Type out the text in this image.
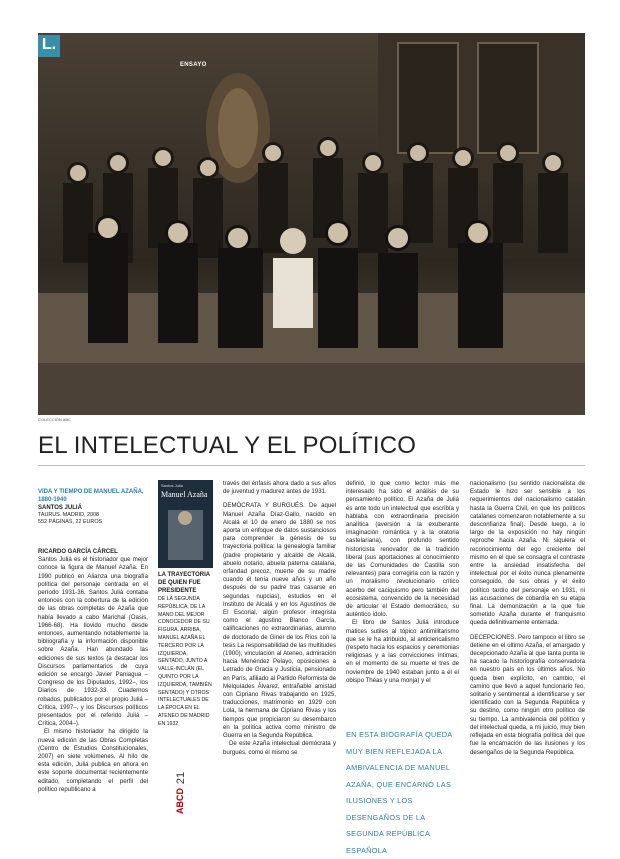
L.
ENSAYO
COLECCIÓN ABC
EL INTELECTUAL Y EL POLÍTICO
VIDA Y TIEMPO DE MANUEL AZAÑA,
1880-1940
SANTOS JULIÁ
TAURUS. MADRID, 2008
552 PÁGINAS, 22 EUROS
RICARDO GARCÍA CÁRCEL

Santos Juliá es el historiador que mejor conoce la figura de Manuel Azaña. En 1990 publicó en Alianza una biografía política del personaje centrada en el período 1931-36. Santos Juliá contaba entonces con la cobertura de la edición de las obras completas de Azaña que había llevado a cabo Marichal (Oasis, 1966-68). Ha llovido mucho desde entonces, aumentando notablemente la bibliografía y la información disponible sobre Azaña. Han abundado las ediciones de sus textos (a destacar los Discursos parlamentarios de cuya edición se encargó Javier Paniagua –Congreso de los Diputados, 1992–, los Diarios de 1932-33. Cuadernos robados, publicados por el propio Juliá –Crítica, 1997–, y los Discursos políticos presentados por el referido Juliá –Crítica, 2004–).

El mismo historiador ha dirigido la nueva edición de las Obras Completas (Centro de Estudios Constitucionales, 2007) en siete volúmenes. Al hilo de esta edición, Juliá publica en ahora en este soporte documental recientemente editado, completando el perfil del político republicano a

Santos Juliá
Manuel Azaña
LA TRAYECTORIA DE QUIEN FUE PRESIDENTE
DE LA SEGUNDA REPÚBLICA, DE LA MANO DEL MEJOR CONOCEDOR DE SU FIGURA. ARRIBA, MANUEL AZAÑA EL TERCERO POR LA IZQUIERDA, SENTADO, JUNTO A VALLE-INCLÁN (EL QUINTO POR LA IZQUIERDA, TAMBIÉN SENTADO) Y OTROS INTELECTUALES DE LA ÉPOCA EN EL ATENEO DE MADRID EN 1932
ABCD
21

través del énfasis ahora dado a sus años de juventud y madurez antes de 1931.

DEMÓCRATA Y BURGUÉS. De aquel Manuel Azaña Díaz-Gallo, nacido en Alcalá el 10 de enero de 1880 se nos aporta un enfoque de datos sustanciosos para comprender la génesis de su trayectoria política: la genealogía familiar (padre propietario y alcalde de Alcalá, abuelo notario, abuela paterna catalana, orfandad precoz, muerte de su madre cuando él tenía nueve años y un año después de su padre tras casarse en segundas nupcias), estudios en el Instituto de Alcalá y en los Agustinos de El Escorial, algún profesor integrista como el agustino Blanco García, calificaciones no extraordinarias, alumno de doctorado de Giner de los Ríos con la tesis La responsabilidad de las multitudes (1900), vinculación al Ateneo, admiración hacia Menéndez Pelayo, oposiciones a Letrado de Gracia y Justicia, pensionado en París, afiliado al Partido Reformista de Melquíades Álvarez, entrañable amistad con Cipriano Rivas trabajando en 1925, traducciones, matrimonio en 1929 con Lola, la hermana de Cipriano Rivas y los tiempos que propiciaron su desembarco en la política activa como ministro de Guerra en la Segunda República.

De este Azaña intelectual demócrata y burgués, como él mismo se

definió, lo que como lector más me interesado ha sido el análisis de su pensamiento político. El Azaña de Juliá es ante todo un intelectual que escribía y hablaba con extraordinaria precisión analítica (aversión a la exuberante imaginación romántica y a la oratoria castelariana), con profundo sentido historicista renovador de la tradición liberal (sus aportaciones al conocimiento de las Comunidades de Castilla son relevantes) para corregirla con la razón y un moralismo revolucionario crítico acerbo del caciquismo pero también del ecosistema, convencido de la necesidad de articular el Estado democrático, su auténtico ídolo.

El libro de Santos Juliá introduce matices sutiles al tópico antimilitarismo que se le ha atribuido, al anticlericalismo (respeto hacia los espacios y ceremonias religiosas y a las convicciones íntimas; en el momento de su muerte el tres de noviembre de 1940 estaban junto a él el obispo Théas y una monja) y el

EN ESTA BIOGRAFÍA QUEDA MUY BIEN REFLEJADA LA AMBIVALENCIA DE MANUEL AZAÑA, QUE ENCARNÓ LAS ILUSIONES Y LOS DESENGAÑOS DE LA SEGUNDA REPÚBLICA ESPAÑOLA

nacionalismo (su sentido nacionalista de Estado le hizo ser sensible a los requerimientos del nacionalismo catalán hasta la Guerra Civil, en que los políticos catalanes comenzaron notablemente a su desconfianza final). Desde luego, a lo largo de la exposición no hay ningún reproche hacia Azaña. Ni siquiera el reconocimiento del ego creciente del mismo en el que se consagra el contraste entre la ansiedad insatisfecha del intelectual por el éxito nunca plenamente conseguido, de sus obras y el éxito político tardío del personaje en 1931, ni las acusaciones de cobardía en su etapa final. La demonización a la que fue sometido Azaña durante el franquismo queda definitivamente enterrada.

DECEPCIONES. Pero tampoco el libro se detiene en el último Azaña, el amargado y decepcionado Azaña al que tanta punta le ha sacado la historiografía conservadora en nuestro país en los últimos años. No queda bien explícito, en cambio, el camino que llevó a aquel funcionario feo, solitario y sentimental a identificarse y ser identificado con la Segunda República y su destino, como ningún otro político de su tiempo. La ambivalencia del político y del intelectual queda, a mi juicio, muy bien reflejada en esta biografía política del que fue la encarnación de las ilusiones y los desengaños de la Segunda República.
